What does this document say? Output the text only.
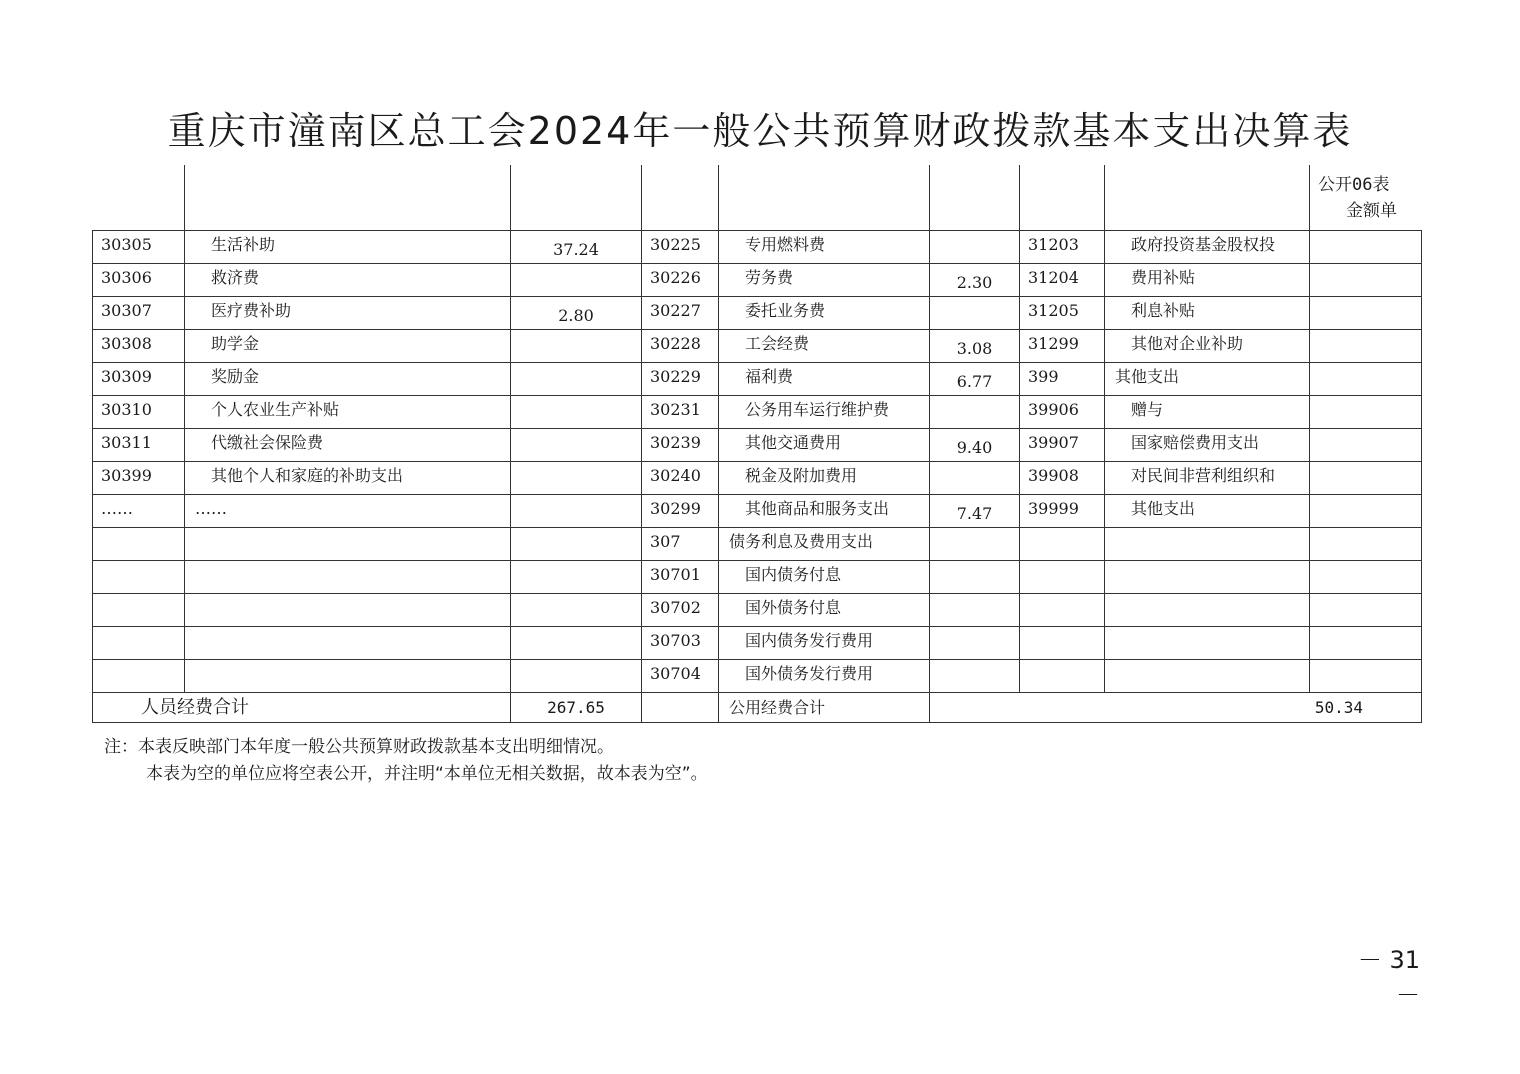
重庆市潼南区总工会2024年一般公共预算财政拨款基本支出决算表
公开06表
金额单
30305	生活补助	37.24	30225	专用燃料费		31203	政府投资基金股权投	
30306	救济费		30226	劳务费	2.30	31204	费用补贴	
30307	医疗费补助	2.80	30227	委托业务费		31205	利息补贴	
30308	助学金		30228	工会经费	3.08	31299	其他对企业补助	
30309	奖励金		30229	福利费	6.77	399	其他支出	
30310	个人农业生产补贴		30231	公务用车运行维护费		39906	赠与	
30311	代缴社会保险费		30239	其他交通费用	9.40	39907	国家赔偿费用支出	
30399	其他个人和家庭的补助支出		30240	税金及附加费用		39908	对民间非营利组织和	
……	……		30299	其他商品和服务支出	7.47	39999	其他支出	
			307	债务利息及费用支出				
			30701	国内债务付息				
			30702	国外债务付息				
			30703	国内债务发行费用				
			30704	国外债务发行费用				
人员经费合计		267.65		公用经费合计	50.34			
注：本表反映部门本年度一般公共预算财政拨款基本支出明细情况。
本表为空的单位应将空表公开，并注明“本单位无相关数据，故本表为空”。
－ 31 －
